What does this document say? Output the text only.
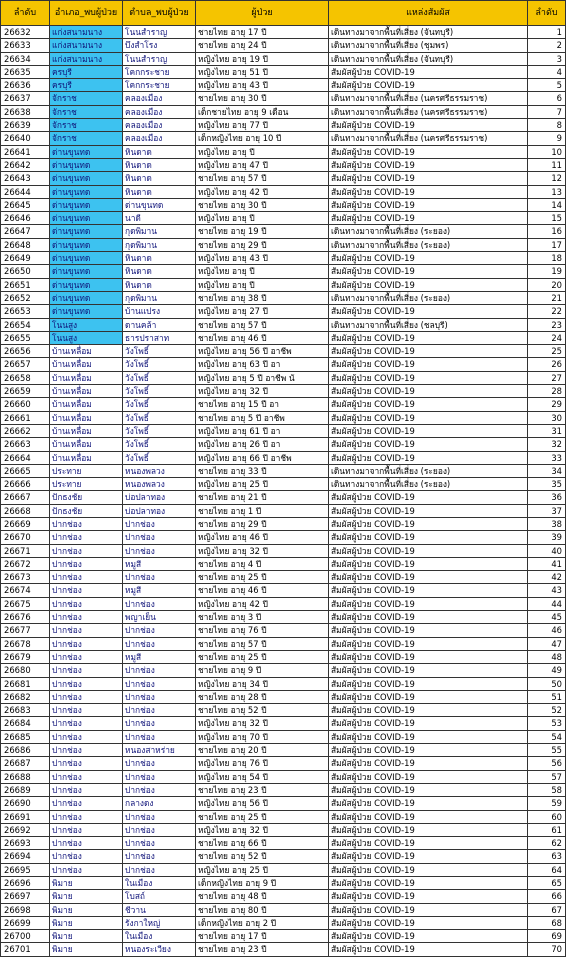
ลำดับ	อำเภอ_พบผู้ป่วย	ตำบล_พบผู้ป่วย	ผู้ป่วย	แหล่งสัมผัส	ลำดับ
26632	แก่งสนามนาง	โนนสำราญ	ชายไทย อายุ 17 ปี	เดินทางมาจากพื้นที่เสี่ยง (จันทบุรี)	1
26633	แก่งสนามนาง	บึงสำโรง	ชายไทย อายุ 24 ปี	เดินทางมาจากพื้นที่เสี่ยง (ชุมพร)	2
26634	แก่งสนามนาง	โนนสำราญ	หญิงไทย อายุ 19 ปี	เดินทางมาจากพื้นที่เสี่ยง (จันทบุรี)	3
26635	ครบุรี	โคกกระชาย	หญิงไทย อายุ 51 ปี	สัมผัสผู้ป่วย COVID-19	4
26636	ครบุรี	โคกกระชาย	หญิงไทย อายุ 43 ปี	สัมผัสผู้ป่วย COVID-19	5
26637	จักราช	คลองเมือง	ชายไทย อายุ 30 ปี	เดินทางมาจากพื้นที่เสี่ยง (นครศรีธรรมราช)	6
26638	จักราช	คลองเมือง	เด็กชายไทย อายุ 9 เดือน	เดินทางมาจากพื้นที่เสี่ยง (นครศรีธรรมราช)	7
26639	จักราช	คลองเมือง	หญิงไทย อายุ 77 ปี	สัมผัสผู้ป่วย COVID-19	8
26640	จักราช	คลองเมือง	เด็กหญิงไทย อายุ 10 ปี	เดินทางมาจากพื้นที่เสี่ยง (นครศรีธรรมราช)	9
26641	ด่านขุนทด	หินดาด	หญิงไทย อายุ ปี	สัมผัสผู้ป่วย COVID-19	10
26642	ด่านขุนทด	หินดาด	หญิงไทย อายุ 47 ปี	สัมผัสผู้ป่วย COVID-19	11
26643	ด่านขุนทด	หินดาด	ชายไทย อายุ 57 ปี	สัมผัสผู้ป่วย COVID-19	12
26644	ด่านขุนทด	หินดาด	หญิงไทย อายุ 42 ปี	สัมผัสผู้ป่วย COVID-19	13
26645	ด่านขุนทด	ด่านขุนทด	ชายไทย อายุ 30 ปี	สัมผัสผู้ป่วย COVID-19	14
26646	ด่านขุนทด	นาดี	หญิงไทย อายุ ปี	สัมผัสผู้ป่วย COVID-19	15
26647	ด่านขุนทด	กุดพิมาน	ชายไทย อายุ 19 ปี	เดินทางมาจากพื้นที่เสี่ยง (ระยอง)	16
26648	ด่านขุนทด	กุดพิมาน	ชายไทย อายุ 29 ปี	เดินทางมาจากพื้นที่เสี่ยง (ระยอง)	17
26649	ด่านขุนทด	หินดาด	หญิงไทย อายุ 43 ปี	สัมผัสผู้ป่วย COVID-19	18
26650	ด่านขุนทด	หินดาด	หญิงไทย อายุ ปี	สัมผัสผู้ป่วย COVID-19	19
26651	ด่านขุนทด	หินดาด	หญิงไทย อายุ ปี	สัมผัสผู้ป่วย COVID-19	20
26652	ด่านขุนทด	กุดพิมาน	ชายไทย อายุ 38 ปี	เดินทางมาจากพื้นที่เสี่ยง (ระยอง)	21
26653	ด่านขุนทด	บ้านแปรง	หญิงไทย อายุ 27 ปี	สัมผัสผู้ป่วย COVID-19	22
26654	โนนสูง	ดานคล้า	ชายไทย อายุ 57 ปี	เดินทางมาจากพื้นที่เสี่ยง (ชลบุรี)	23
26655	โนนสูง	ธารปราสาท	ชายไทย อายุ 46 ปี	สัมผัสผู้ป่วย COVID-19	24
26656	บ้านเหลื่อม	วังโพธิ์	หญิงไทย อายุ 56 ปี อาชีพ	สัมผัสผู้ป่วย COVID-19	25
26657	บ้านเหลื่อม	วังโพธิ์	หญิงไทย อายุ 63 ปี อา	สัมผัสผู้ป่วย COVID-19	26
26658	บ้านเหลื่อม	วังโพธิ์	หญิงไทย อายุ 5 ปี อาชีพ นั	สัมผัสผู้ป่วย COVID-19	27
26659	บ้านเหลื่อม	วังโพธิ์	หญิงไทย อายุ 32 ปี	สัมผัสผู้ป่วย COVID-19	28
26660	บ้านเหลื่อม	วังโพธิ์	ชายไทย อายุ 15 ปี อา	สัมผัสผู้ป่วย COVID-19	29
26661	บ้านเหลื่อม	วังโพธิ์	ชายไทย อายุ 5 ปี อาชีพ	สัมผัสผู้ป่วย COVID-19	30
26662	บ้านเหลื่อม	วังโพธิ์	หญิงไทย อายุ 61 ปี อา	สัมผัสผู้ป่วย COVID-19	31
26663	บ้านเหลื่อม	วังโพธิ์	หญิงไทย อายุ 26 ปี อา	สัมผัสผู้ป่วย COVID-19	32
26664	บ้านเหลื่อม	วังโพธิ์	หญิงไทย อายุ 66 ปี อาชีพ	สัมผัสผู้ป่วย COVID-19	33
26665	ประทาย	หนองพลวง	ชายไทย อายุ 33 ปี	เดินทางมาจากพื้นที่เสี่ยง (ระยอง)	34
26666	ประทาย	หนองพลวง	หญิงไทย อายุ 25 ปี	เดินทางมาจากพื้นที่เสี่ยง (ระยอง)	35
26667	ปักธงชัย	บ่อปลาทอง	ชายไทย อายุ 21 ปี	สัมผัสผู้ป่วย COVID-19	36
26668	ปักธงชัย	บ่อปลาทอง	ชายไทย อายุ 1 ปี	สัมผัสผู้ป่วย COVID-19	37
26669	ปากช่อง	ปากช่อง	ชายไทย อายุ 29 ปี	สัมผัสผู้ป่วย COVID-19	38
26670	ปากช่อง	ปากช่อง	หญิงไทย อายุ 46 ปี	สัมผัสผู้ป่วย COVID-19	39
26671	ปากช่อง	ปากช่อง	หญิงไทย อายุ 32 ปี	สัมผัสผู้ป่วย COVID-19	40
26672	ปากช่อง	หมูสี	ชายไทย อายุ 4 ปี	สัมผัสผู้ป่วย COVID-19	41
26673	ปากช่อง	ปากช่อง	ชายไทย อายุ 25 ปี	สัมผัสผู้ป่วย COVID-19	42
26674	ปากช่อง	หมูสี	ชายไทย อายุ 46 ปี	สัมผัสผู้ป่วย COVID-19	43
26675	ปากช่อง	ปากช่อง	หญิงไทย อายุ 42 ปี	สัมผัสผู้ป่วย COVID-19	44
26676	ปากช่อง	พญาเย็น	ชายไทย อายุ 3 ปี	สัมผัสผู้ป่วย COVID-19	45
26677	ปากช่อง	ปากช่อง	ชายไทย อายุ 76 ปี	สัมผัสผู้ป่วย COVID-19	46
26678	ปากช่อง	ปากช่อง	ชายไทย อายุ 57 ปี	สัมผัสผู้ป่วย COVID-19	47
26679	ปากช่อง	หมูสี	ชายไทย อายุ 25 ปี	สัมผัสผู้ป่วย COVID-19	48
26680	ปากช่อง	ปากช่อง	ชายไทย อายุ 9 ปี	สัมผัสผู้ป่วย COVID-19	49
26681	ปากช่อง	ปากช่อง	หญิงไทย อายุ 34 ปี	สัมผัสผู้ป่วย COVID-19	50
26682	ปากช่อง	ปากช่อง	ชายไทย อายุ 28 ปี	สัมผัสผู้ป่วย COVID-19	51
26683	ปากช่อง	ปากช่อง	ชายไทย อายุ 52 ปี	สัมผัสผู้ป่วย COVID-19	52
26684	ปากช่อง	ปากช่อง	หญิงไทย อายุ 32 ปี	สัมผัสผู้ป่วย COVID-19	53
26685	ปากช่อง	ปากช่อง	หญิงไทย อายุ 70 ปี	สัมผัสผู้ป่วย COVID-19	54
26686	ปากช่อง	หนองสาหร่าย	ชายไทย อายุ 20 ปี	สัมผัสผู้ป่วย COVID-19	55
26687	ปากช่อง	ปากช่อง	หญิงไทย อายุ 76 ปี	สัมผัสผู้ป่วย COVID-19	56
26688	ปากช่อง	ปากช่อง	หญิงไทย อายุ 54 ปี	สัมผัสผู้ป่วย COVID-19	57
26689	ปากช่อง	ปากช่อง	ชายไทย อายุ 23 ปี	สัมผัสผู้ป่วย COVID-19	58
26690	ปากช่อง	กลางดง	หญิงไทย อายุ 56 ปี	สัมผัสผู้ป่วย COVID-19	59
26691	ปากช่อง	ปากช่อง	ชายไทย อายุ 25 ปี	สัมผัสผู้ป่วย COVID-19	60
26692	ปากช่อง	ปากช่อง	หญิงไทย อายุ 32 ปี	สัมผัสผู้ป่วย COVID-19	61
26693	ปากช่อง	ปากช่อง	ชายไทย อายุ 66 ปี	สัมผัสผู้ป่วย COVID-19	62
26694	ปากช่อง	ปากช่อง	ชายไทย อายุ 52 ปี	สัมผัสผู้ป่วย COVID-19	63
26695	ปากช่อง	ปากช่อง	หญิงไทย อายุ 25 ปี	สัมผัสผู้ป่วย COVID-19	64
26696	พิมาย	ในเมือง	เด็กหญิงไทย อายุ 9 ปี	สัมผัสผู้ป่วย COVID-19	65
26697	พิมาย	โบสถ์	ชายไทย อายุ 48 ปี	สัมผัสผู้ป่วย COVID-19	66
26698	พิมาย	ชีวาน	ชายไทย อายุ 80 ปี	สัมผัสผู้ป่วย COVID-19	67
26699	พิมาย	รังกาใหญ่	เด็กหญิงไทย อายุ 2 ปี	สัมผัสผู้ป่วย COVID-19	68
26700	พิมาย	ในเมือง	ชายไทย อายุ 17 ปี	สัมผัสผู้ป่วย COVID-19	69
26701	พิมาย	หนองระเวียง	ชายไทย อายุ 23 ปี	สัมผัสผู้ป่วย COVID-19	70
